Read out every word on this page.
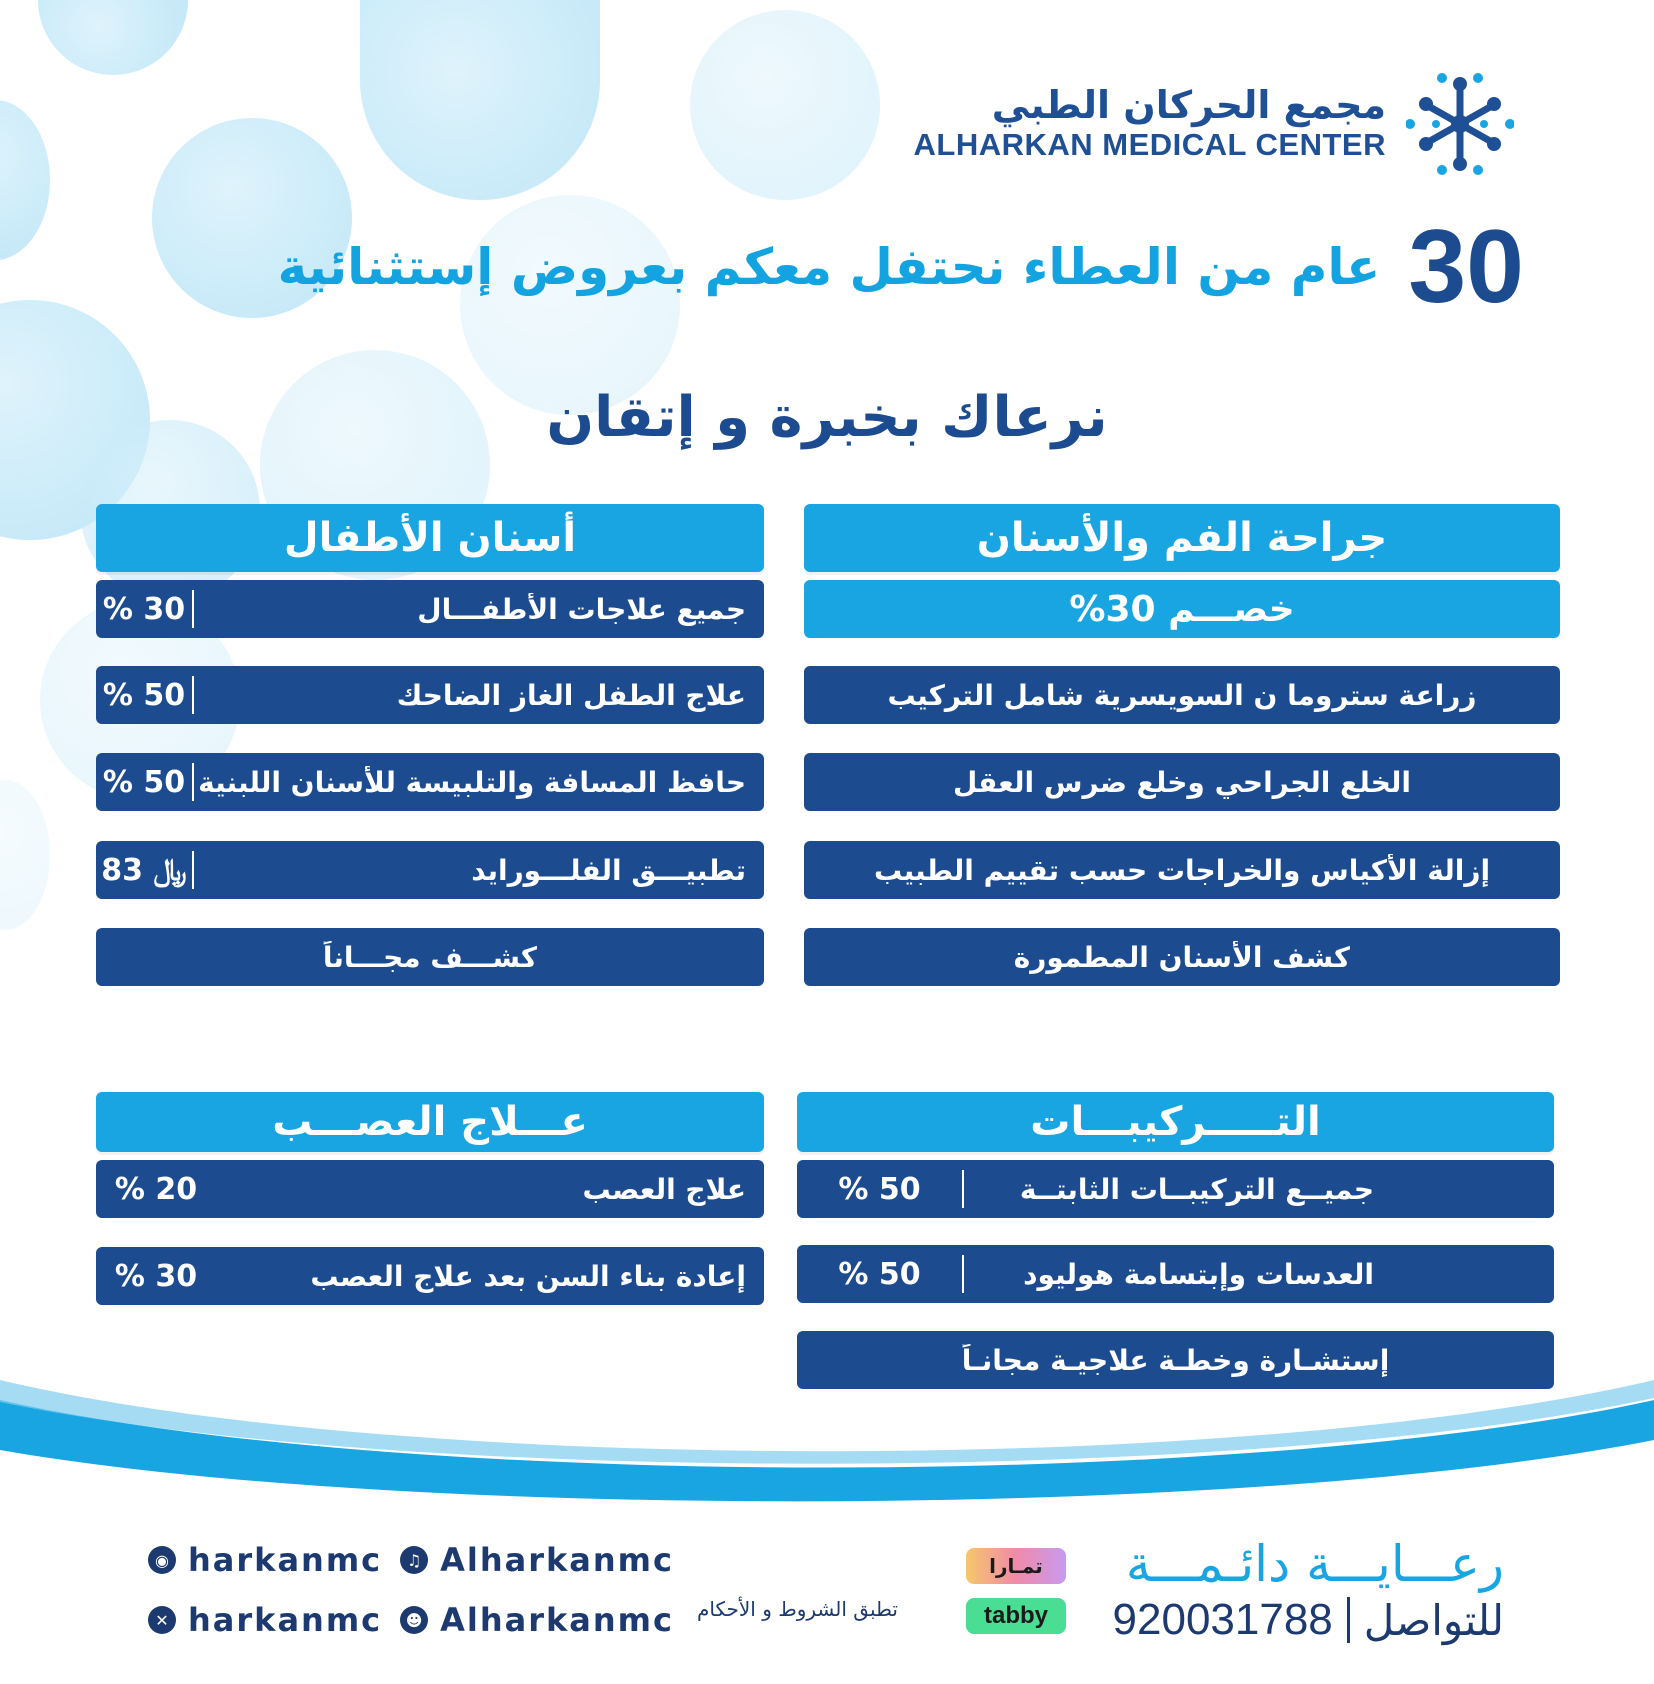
مجمع الحركان الطبي
ALHARKAN MEDICAL CENTER
30
عام من العطاء نحتفل معكم بعروض إستثنائية
نرعاك بخبرة و إتقان
جراحة الفم والأسنان
خصـــم 30%
زراعة ستروما ن السويسرية شامل التركيب
الخلع الجراحي وخلع ضرس العقل
إزالة الأكياس والخراجات حسب تقييم الطبيب
كشف الأسنان المطمورة
أسنان الأطفال
جميع علاجات الأطفـــال
% 30
علاج الطفل الغاز الضاحك
% 50
حافظ المسافة والتلبيسة للأسنان اللبنية
% 50
تطبيـــق الفلـــورايد
83 ﷼
كشـــف مجـــاناً
التـــــركيبـــات
جميــع التركيبــات الثابتــة
% 50
العدسات وإبتسامة هوليود
% 50
إستشـارة وخطـة علاجيـة مجانـاً
عـــلاج العصـــب
علاج العصب
% 20
إعادة بناء السن بعد علاج العصب
% 30
◉ harkanmc	♫ Alharkanmc
✕ harkanmc	☻ Alharkanmc تطبق الشروط و الأحكام
تمـارا
tabby
رعـــايـــة دائـمـــة
للتواصل
920031788
